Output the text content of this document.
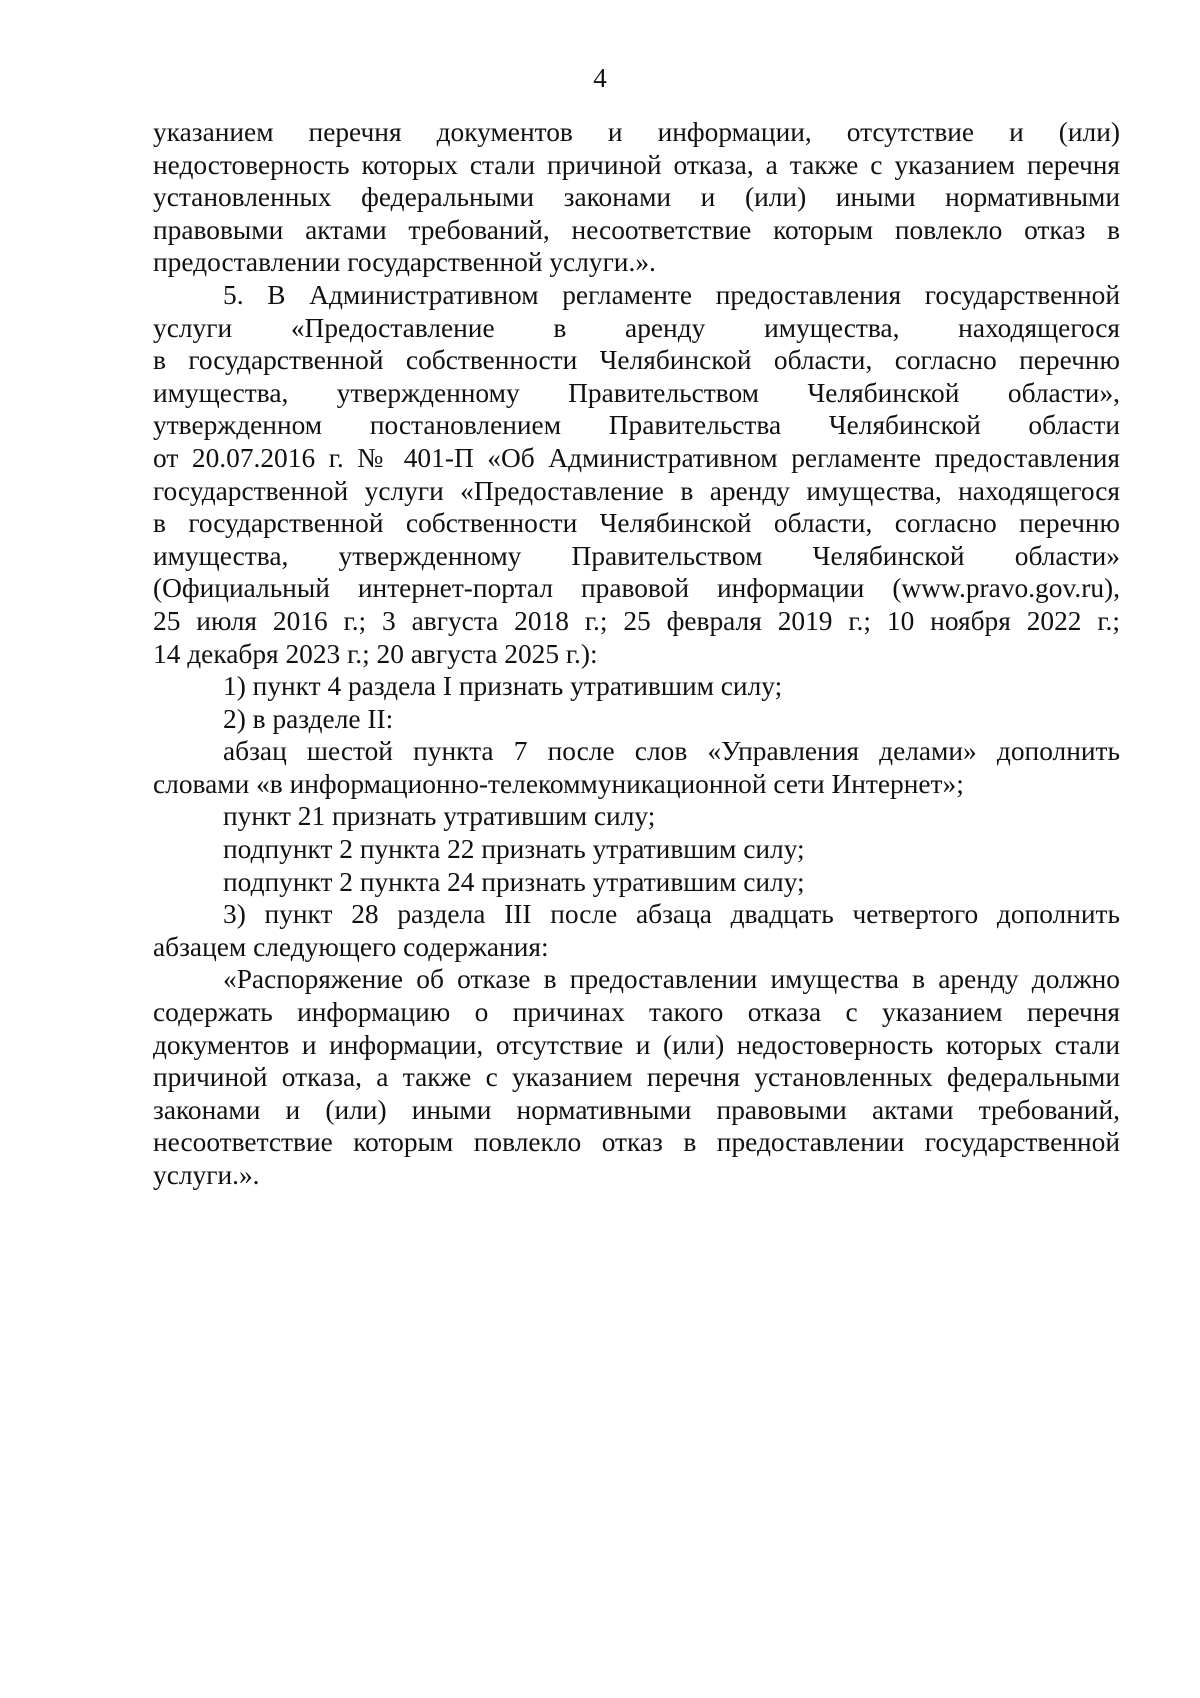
4

указанием перечня документов и информации, отсутствие и (или)

недостоверность которых стали причиной отказа, а также с указанием перечня

установленных федеральными законами и (или) иными нормативными

правовыми актами требований, несоответствие которым повлекло отказ в

предоставлении государственной услуги.».

5. В Административном регламенте предоставления государственной

услуги «Предоставление в аренду имущества, находящегося

в государственной собственности Челябинской области, согласно перечню

имущества, утвержденному Правительством Челябинской области»,

утвержденном постановлением Правительства Челябинской области

от 20.07.2016 г. № 401-П «Об Административном регламенте предоставления

государственной услуги «Предоставление в аренду имущества, находящегося

в государственной собственности Челябинской области, согласно перечню

имущества, утвержденному Правительством Челябинской области»

(Официальный интернет-портал правовой информации (www.pravo.gov.ru),

25 июля 2016 г.; 3 августа 2018 г.; 25 февраля 2019 г.; 10 ноября 2022 г.;

14 декабря 2023 г.; 20 августа 2025 г.):

1) пункт 4 раздела I признать утратившим силу;

2) в разделе II:

абзац шестой пункта 7 после слов «Управления делами» дополнить

словами «в информационно-телекоммуникационной сети Интернет»;

пункт 21 признать утратившим силу;

подпункт 2 пункта 22 признать утратившим силу;

подпункт 2 пункта 24 признать утратившим силу;

3) пункт 28 раздела III после абзаца двадцать четвертого дополнить

абзацем следующего содержания:

«Распоряжение об отказе в предоставлении имущества в аренду должно

содержать информацию о причинах такого отказа с указанием перечня

документов и информации, отсутствие и (или) недостоверность которых стали

причиной отказа, а также с указанием перечня установленных федеральными

законами и (или) иными нормативными правовыми актами требований,

несоответствие которым повлекло отказ в предоставлении государственной

услуги.».
